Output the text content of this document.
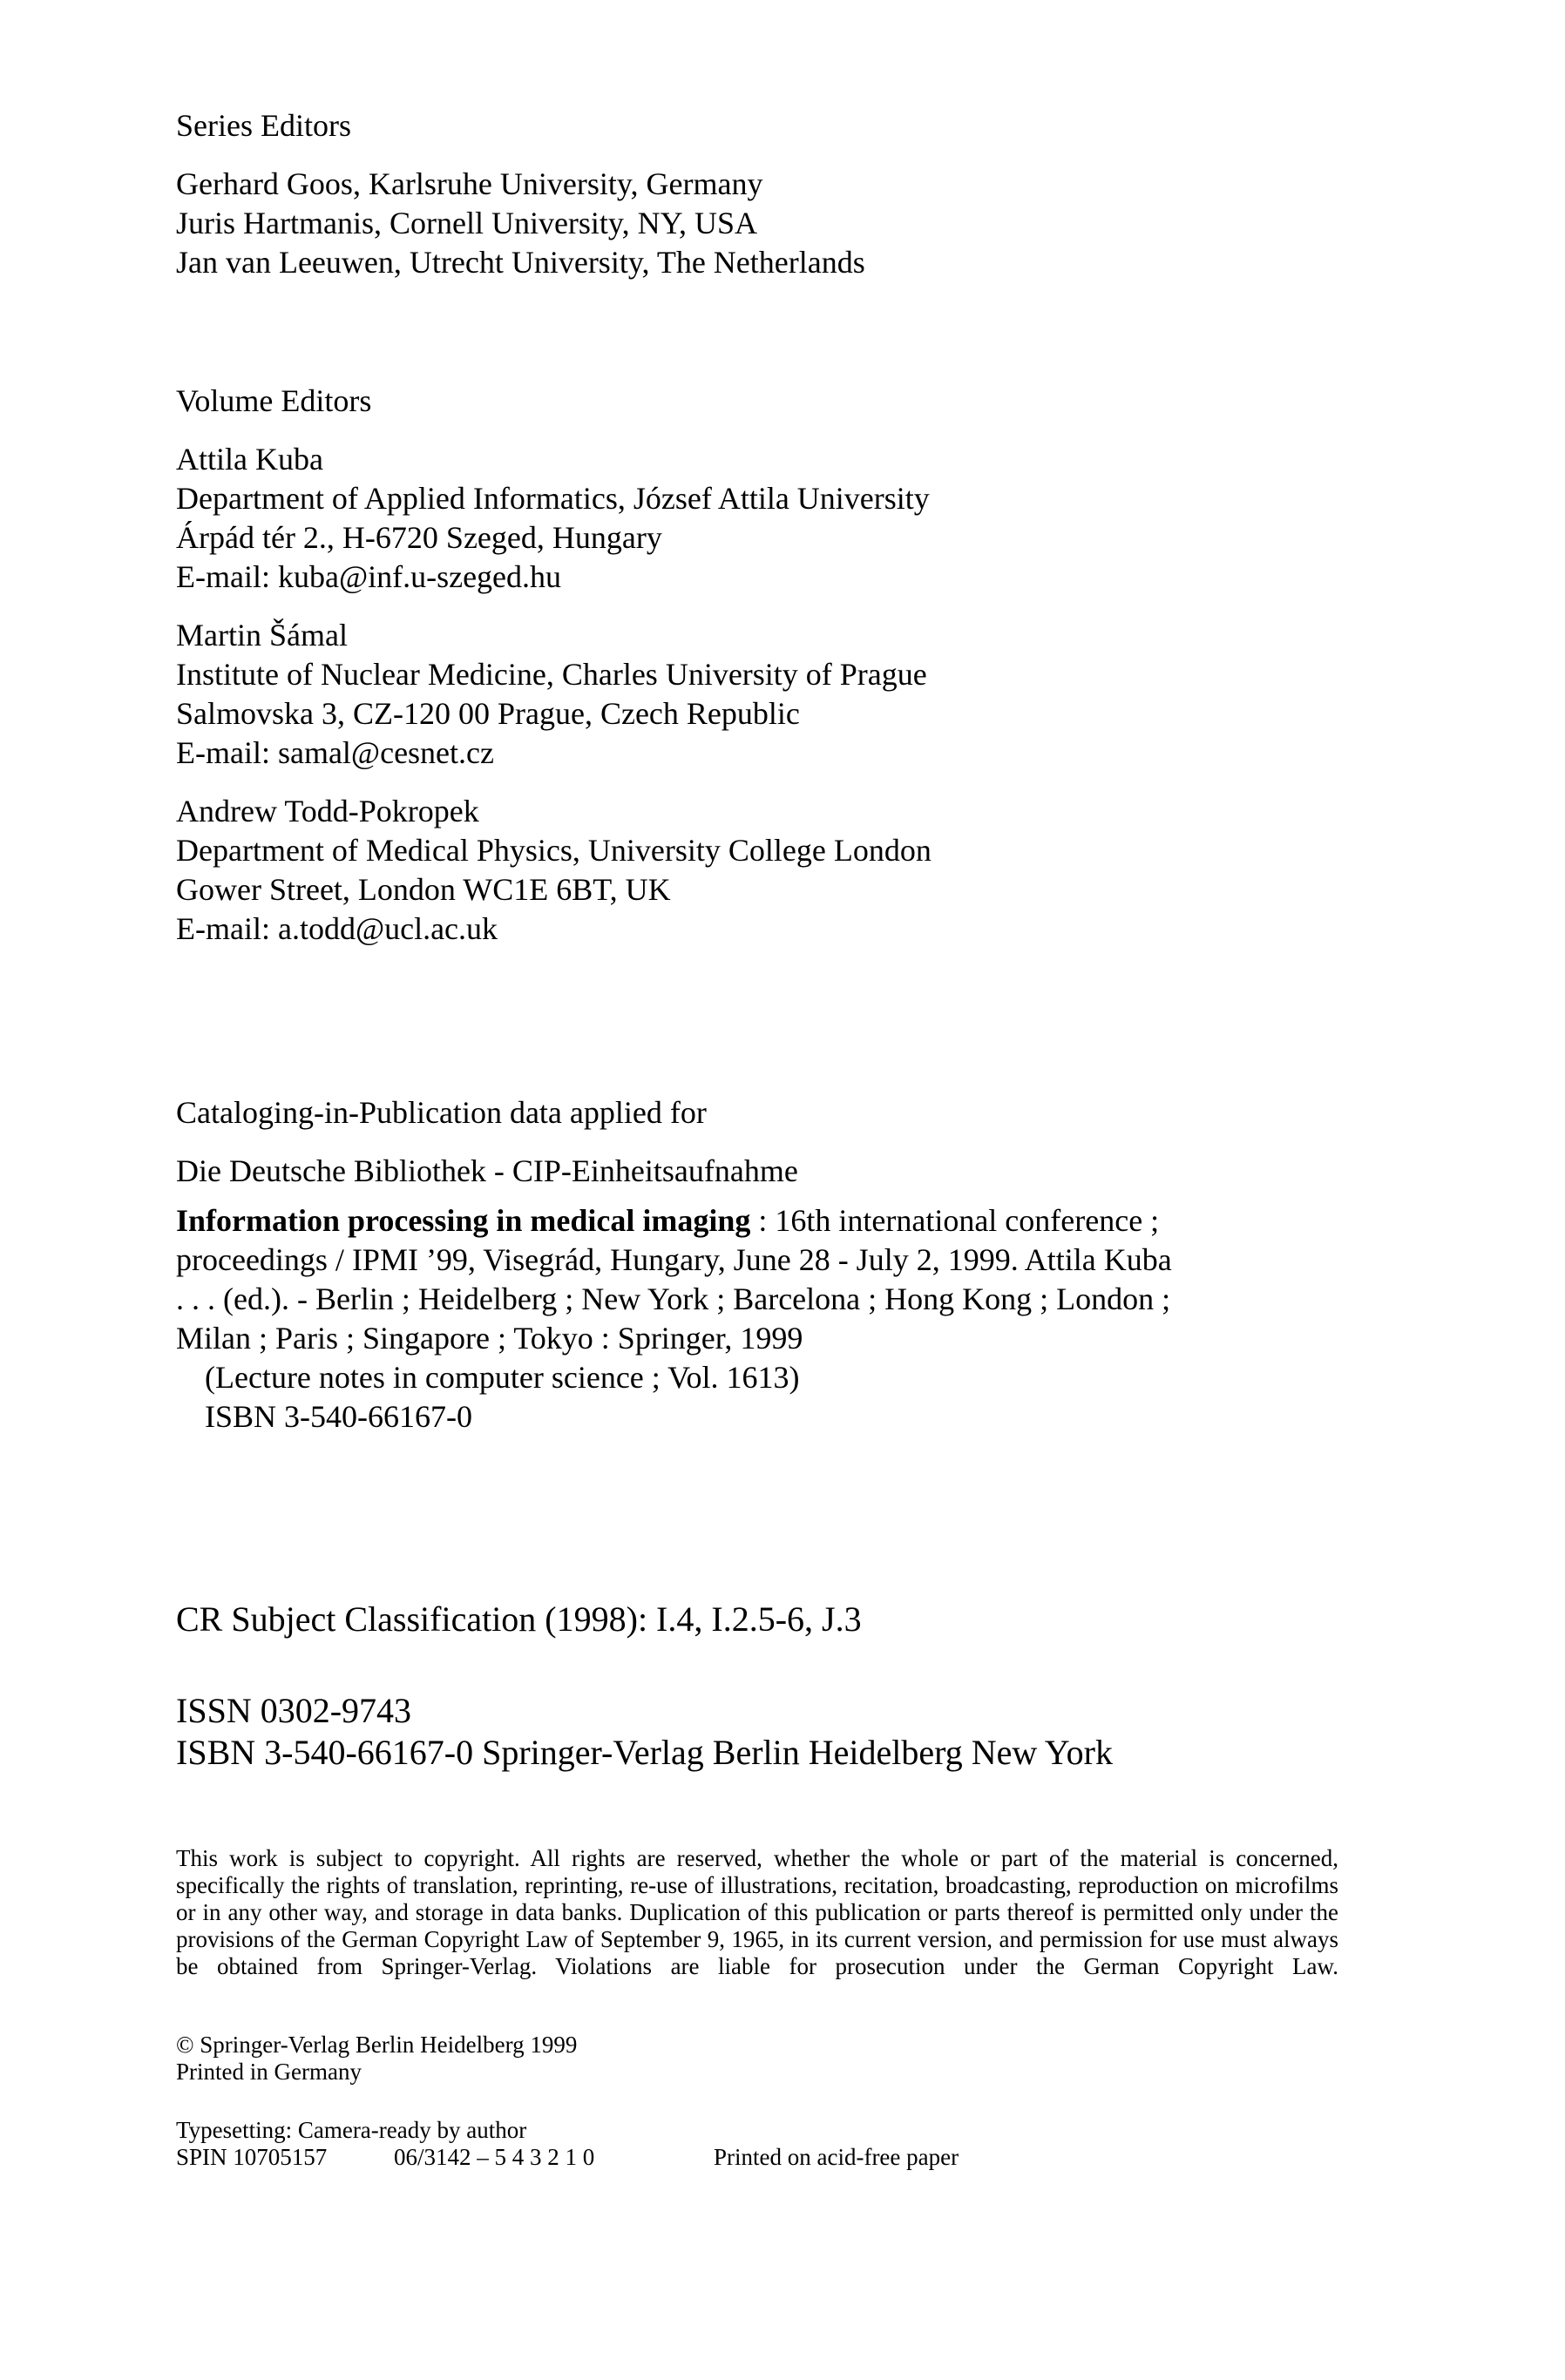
Series Editors
Gerhard Goos, Karlsruhe University, Germany
Juris Hartmanis, Cornell University, NY, USA
Jan van Leeuwen, Utrecht University, The Netherlands
Volume Editors
Attila Kuba
Department of Applied Informatics, József Attila University
Árpád tér 2., H-6720 Szeged, Hungary
E-mail: kuba@inf.u-szeged.hu
Martin Šámal
Institute of Nuclear Medicine, Charles University of Prague
Salmovska 3, CZ-120 00 Prague, Czech Republic
E-mail: samal@cesnet.cz
Andrew Todd-Pokropek
Department of Medical Physics, University College London
Gower Street, London WC1E 6BT, UK
E-mail: a.todd@ucl.ac.uk
Cataloging-in-Publication data applied for
Die Deutsche Bibliothek - CIP-Einheitsaufnahme
Information processing in medical imaging : 16th international conference ;
proceedings / IPMI ’99, Visegrád, Hungary, June 28 - July 2, 1999. Attila Kuba
. . . (ed.). - Berlin ; Heidelberg ; New York ; Barcelona ; Hong Kong ; London ;
Milan ; Paris ; Singapore ; Tokyo : Springer, 1999
(Lecture notes in computer science ; Vol. 1613)
ISBN 3-540-66167-0
CR Subject Classification (1998): I.4, I.2.5-6, J.3
ISSN 0302-9743
ISBN 3-540-66167-0 Springer-Verlag Berlin Heidelberg New York
This work is subject to copyright. All rights are reserved, whether the whole or part of the material is concerned, specifically the rights of translation, reprinting, re-use of illustrations, recitation, broadcasting, reproduction on microfilms or in any other way, and storage in data banks. Duplication of this publication or parts thereof is permitted only under the provisions of the German Copyright Law of September 9, 1965, in its current version, and permission for use must always be obtained from Springer-Verlag. Violations are liable for prosecution under the German Copyright Law.
© Springer-Verlag Berlin Heidelberg 1999
Printed in Germany
Typesetting: Camera-ready by author
SPIN 10705157	06/3142 – 5 4 3 2 1 0	Printed on acid-free paper
